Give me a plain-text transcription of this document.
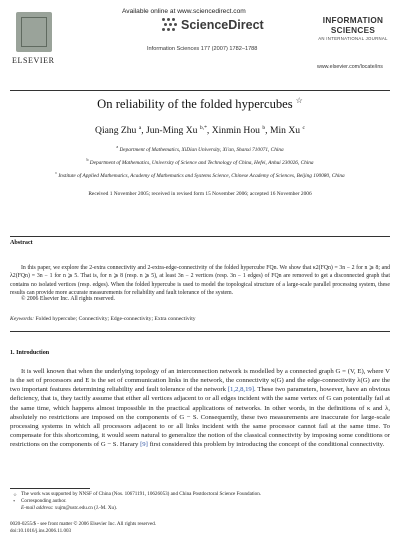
ELSEVIER
Available online at www.sciencedirect.com
ScienceDirect
Information Sciences 177 (2007) 1782–1788
INFORMATION
SCIENCES
AN INTERNATIONAL JOURNAL
www.elsevier.com/locate/ins
On reliability of the folded hypercubes ☆
Qiang Zhu $^a$, Jun-Ming Xu $^{b,*}$, Xinmin Hou $^b$, Min Xu $^c$
$^a$ Department of Mathematics, XiDian University, Xi'an, Shanxi 710071, China
$^b$ Department of Mathematics, University of Science and Technology of China, Hefei, Anhui 230026, China
$^c$ Institute of Applied Mathematics, Academy of Mathematics and Systems Science, Chinese Academy of Sciences, Beijing 100080, China
Received 1 November 2005; received in revised form 15 November 2006; accepted 16 November 2006
Abstract
In this paper, we explore the 2-extra connectivity and 2-extra-edge-connectivity of the folded hypercube FQn. We show that κ2(FQn) = 3n − 2 for n ⩾ 8; and λ2(FQn) = 3n − 1 for n ⩾ 5. That is, for n ⩾ 8 (resp. n ⩾ 5), at least 3n − 2 vertices (resp. 3n − 1 edges) of FQn are removed to get a disconnected graph that contains no isolated vertices (resp. edges). When the folded hypercube is used to model the topological structure of a large-scale parallel processing system, these results can provide more accurate measurements for reliability and fault tolerance of the system.
© 2006 Elsevier Inc. All rights reserved.
Keywords: Folded hypercube; Connectivity; Edge-connectivity; Extra connectivity
1. Introduction
It is well known that when the underlying topology of an interconnection network is modelled by a connected graph G = (V, E), where V is the set of processors and E is the set of communication links in the network, the connectivity κ(G) and the edge-connectivity λ(G) are the two important features determining reliability and fault tolerance of the network [1,2,8,19]. These two parameters, however, have an obvious deficiency, that is, they tacitly assume that either all vertices adjacent to or all edges incident with the same vertex of G can potentially fail at the same time, which happens almost impossible in the practical applications of networks. In other words, in the definitions of κ and λ, absolutely no restrictions are imposed on the components of G − S. Consequently, these two measurements are inaccurate for large-scale processing systems in which all processors adjacent to or all links incident with the same processor cannot fail at the same time. To compensate for this shortcoming, it would seem natural to generalize the notion of the classical connectivity by imposing some conditions or restrictions on the components of G − S. Harary [9] first considered this problem by introducing the concept of the conditional connectivity.
☆ The work was supported by NNSF of China (Nos. 10671191, 10626053) and China Postdoctoral Science Foundation.
* Corresponding author.
E-mail address: xujm@ustc.edu.cn (J.-M. Xu).
0020-0255/$ - see front matter © 2006 Elsevier Inc. All rights reserved.
doi:10.1016/j.ins.2006.11.003
